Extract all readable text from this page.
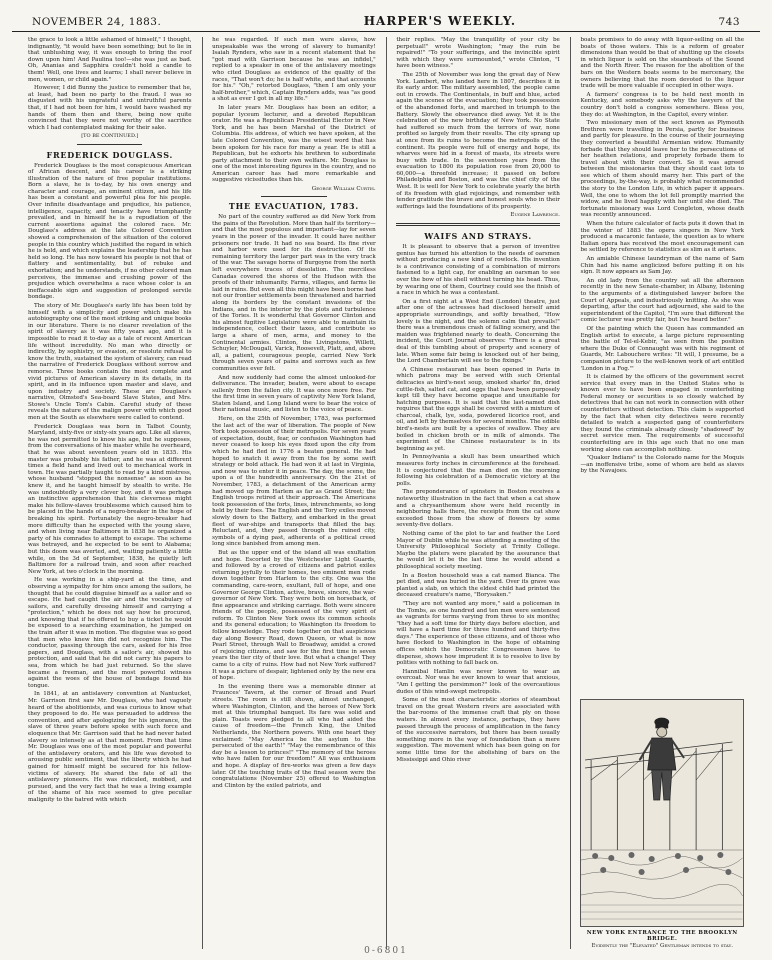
NOVEMBER 24, 1883.	HARPER'S WEEKLY.	743

the grace to look a little ashamed of himself," I thought, indignantly, "it would have been something; but to lie in that unblushing way, it was enough to bring the roof down upon him! And Paulina too!—she was just as bad. Oh, Ananias and Sapphira couldn't hold a candle to them! Well, one lives and learns; I shall never believe in men, women, or child again."

However, I did Bunny the justice to remember that he, at least, had been no party to the fraud. I was so disgusted with his ungrateful and untruthful parents that, if I had not been for him, I would have washed my hands of them then and there, being now quite convinced that they were not worthy of the sacrifice which I had contemplated making for their sake.

[TO BE CONTINUED.]
FREDERICK DOUGLASS.

Frederick Douglass is the most conspicuous American of African descent, and his career is a striking illustration of the nature of free popular institutions. Born a slave, he is to-day, by his own energy and character and courage, an eminent citizen, and his life has been a constant and powerful plea for his people. Over infinite disadvantage and prejudice, his patience, intelligence, capacity, and tenacity have triumphantly prevailed, and in himself he is a repudiation of the current assertions against the colored race. Mr. Douglass's address at the late Colored Convention showed a comprehension of the situation of the colored people in this country which justified the regard in which he is held, and which explains the leadership that he has held so long. He has now toward his people is not that of flattery and sentimentality, but of rebuke and exhortation; and he understands, if no other colored man perceives, the immense and crushing power of the prejudice which overwhelms a race whose color is an ineffaceable sign and suggestion of prolonged servile bondage.

The story of Mr. Douglass's early life has been told by himself with a simplicity and power which make his autobiography one of the most striking and unique books in our literature. There is no clearer revelation of the spirit of slavery as it was fifty years ago, and it is impossible to read it to-day as a tale of recent American life without incredulity. No man who directly or indirectly, by sophistry, or evasion, or resolute refusal to know the truth, sustained the system of slavery, can read the narrative of Frederick Douglass without sorrow and remorse. Three books contain the most complete and vivid pictures of American slavery in its details, in its spirit, and in its influence upon master and slave, and upon industry and society. These are Douglass's narrative, Olmsted's Sea-board Slave States, and Mrs. Stowe's Uncle Tom's Cabin. Careful study of these reveals the nature of the malign power with which good men at the South as elsewhere were called to contend.

Frederick Douglass was born in Talbot County, Maryland, sixty-five or sixty-six years ago. Like all slaves, he was not permitted to know his age, but he supposes, from the conversations of his master while he overheard, that he was about seventeen years old in 1835. His master was probably his father, and he was at different times a field hand and lived out to mechanical work in town. He was partially taught to read by a kind mistress, whose husband "stopped the nonsense" as soon as he knew it, and he taught himself by stealth to write. He was undoubtedly a very clever boy, and it was perhaps an instinctive apprehension that his cleverness might make his fellow-slaves troublesome which caused him to be placed in the hands of a negro-breaker in the hope of breaking his spirit. Fortunately the negro-breaker had more difficulty than he expected with the young slave, and when living near Baltimore in 1838 he organized a party of his comrades to attempt to escape. The scheme was betrayed, and he expected to be sent to Alabama; but this doom was averted, and, waiting patiently a little while, on the 3d of September, 1838, he quietly left Baltimore for a railroad train, and soon after reached New York, at two o'clock in the morning.

He was working in a ship-yard at the time, and observing a sympathy for him once among the sailors, he thought that he could disguise himself as a sailor and so escape. He had caught the air and the vocabulary of sailors, and carefully dressing himself and carrying a "protection," which he does not say how he procured, and knowing that if he offered to buy a ticket he would be exposed to a searching examination, he jumped on the train after it was in motion. The disguise was so good that men who knew him did not recognize him. The conductor, passing through the cars, asked for his free papers, and Douglass, with a sailor's air, showed his protection, and said that he did not carry his papers to sea, from which he had just returned. So the slave became a freeman, and the most powerful witness against the woes of the house of bondage found his tongue.

In 1841, at an antislavery convention at Nantucket, Mr. Garrison first saw Mr. Douglass, who had vaguely heard of the abolitionists, and was curious to know what they proposed to do. He was persuaded to address the convention, and after apologizing for his ignorance, the slave of three years before spoke with such force and eloquence that Mr. Garrison said that he had never hated slavery so intensely as at that moment. From that time Mr. Douglass was one of the most popular and powerful of the antislavery orators, and his life was devoted to arousing public sentiment, that the liberty which he had gained for himself might be secured for his fellow-victims of slavery. He shared the fate of all the antislavery pioneers. He was ridiculed, mobbed, and pursued, and the very fact that he was a living example of the shame of his race seemed to give peculiar malignity to the hatred with which

he was regarded. If such men were slaves, how unspeakable was the wrong of slavery to humanity! Isaiah Rynders, who saw in a recent statement that he "got mad with Garrison because he was an infidel," replied to a speaker in one of the antislavery meetings who cited Douglass as evidence of the quality of the races, "That won't do; he is half white, and that accounts for his." "Oh," retorted Douglass, "then I am only your half-brother," which, Captain Rynders adds, was "as good a shot as ever I got in all my life."

In later years Mr. Douglass has been an editor, a popular lyceum lecturer, and a devoted Republican orator. He was a Republican Presidential Elector in New York, and he has been Marshal of the District of Columbia. His address, of which we have spoken, at the late Colored Convention, was the wisest word that has been spoken for his race for many a year. He is still a Republican, but he exhorts his brethren to subordinate party attachment to their own welfare. Mr. Douglass is one of the most interesting figures in the country, and no American career has had more remarkable and suggestive vicissitudes than his.

George William Curtis.
THE EVACUATION, 1783.

No part of the country suffered as did New York from the pains of the Revolution. More than half its territory—and that the most populous and important—lay for seven years in the power of the invader. It could have neither prisoners nor trade. It had no sea board. Its fine river and harbor were used for its destruction. Of its remaining territory the larger part was in the very track of the war. The savage horns of Burgoyne from the north left everywhere traces of desolation. The merciless Canadas covered the shores of the Hudson with the proofs of their inhumanity. Farms, villages, and farms lie laid in ruins. But even all this might have been borne had not our frontier settlements been threatened and harried along its borders by the constant invasions of the Indians, and in the interior by the plots and turbulence of the Tories. It is wonderful that Governor Clinton and his almost fugitive Legislature were able to maintain its independence, collect their taxes, and contribute so large a share of men, arms, and money to the Continental armies. Clinton, the Livingstons, Willett, Schuyler, McDougall, Varick, Roosevelt, Platt, and, above all, a patient, courageous people, carried New York through seven years of pains and sorrows such as few communities ever felt.

And now suddenly had come the almost unlooked-for deliverance. The invader, beaten, were about to escape sullenly from the fallen city. It was once more free. For the first time in seven years of captivity New York Island, Staten Island, and Long Island were to bear the voice of their national music, and listen to the voice of peace.

Here, on the 25th of November, 1783, was performed the last act of the war of liberation. The people of New York took possession of their metropolis. For seven years of expectation, doubt, fear, or confusion Washington had never ceased to keep his eyes fixed upon the city from which he had fled in 1776 a beaten general. He had hoped to snatch it away from the foe by some swift strategy or bold attack. He had won it at last in Virginia, and now was to enter it in peace. The day, the scene, the upon a of the hundredth anniversary. On the 21st of November, 1783, a detachment of the American army had moved up from Harlem as far as Grand Street; the English troops retired at their approach. The Americans took possession of the forts, lines, intrenchments, so long held by their foes. The English and the Tory exiles moved slowly down to the Battery, and embarked in the great fleet of war-ships and transports that filled the bay. Reluctant, and, they passed through the ruined city, symbols of a dying past, adherents of a political creed long since banished from among men.

But as the upper end of the island all was exultation and hope. Escorted by the Westchester Light Guards, and followed by a crowd of citizens and patriot exiles returning joyfully to their homes, two eminent men rode down together from Harlem to the city. One was the commanding, care-worn, exultant, full of hope, and one Governor George Clinton, active, brave, sincere, the war-governor of New York. They were both on horseback, of fine appearance and striking carriage. Both were sincere friends of the people, possessed of the very spirit of reform. To Clinton New York owes its common schools and its general education; to Washington its freedom to follow knowledge. They rode together on that auspicious day along Bowery Road, down Queen, or what is now Pearl Street, through Wall to Broadway, amidst a crowd of rejoicing citizens, and saw for the first time in seven years the tier city of their love. But what a change! They came to a city of ruins. How had not New York suffered? It was a picture of despair, lightened only by the new era of hope.

In the evening there was a memorable dinner at Fraunces' Tavern, at the corner of Broad and Pearl streets. The room is still shown, almost unchanged, where Washington, Clinton, and the heroes of New York met at this triumphal banquet. Its fare was solid and plain. Toasts were pledged to all who had aided the cause of freedom—the French King, the United Netherlands, the Northern powers. With one heart they exclaimed: "May America be the asylum to the persecuted of the earth!" "May the remembrance of this day be a lesson to princes!" "The memory of the heroes who have fallen for our freedom!" All was enthusiasm and hope. A display of fire-works was given a few days later. Of the touching traits of the final season were the congratulations (November 25) offered to Washington and Clinton by the exiled patriots, and

their replies. "May the tranquillity of your city be perpetual!" wrote Washington; "may the ruin be repaired!" "To your sufferings, and the invincible spirit with which they were surmounted," wrote Clinton, "I have been witness."

The 25th of November was long the great day of New York. Lambert, who landed here in 1807, describes it in its early ardor. The military assembled, the people came out in crowds. The Continentals, in buff and blue, acted again the scenes of the evacuation; they took possession of the abandoned forts, and marched in triumph to the Battery. Slowly the observance died away. Yet it is the celebration of the new birthday of New York. No State had suffered so much from the terrors of war, none profited so largely from their results. The city sprang up at once from its ruins to become the metropolis of the continent. Its people were full of energy and hope, its wharves were hid in a forest of masts, its streets were busy with trade. In the seventeen years from the evacuation to 1800 its population rose from 20,000 to 60,000—a threefold increase; it passed on before Philadelphia and Boston, and was the chief city of the West. It is well for New York to celebrate yearly the birth of its freedom with glad rejoicings, and remember with tender gratitude the brave and honest souls who in their sufferings laid the foundations of its prosperity.

Eugene Lawrence.
WAIFS AND STRAYS.

It is pleasant to observe that a person of inventive genius has turned his attention to the needs of oarsmen without producing a new kind of rowlock. His invention is a contrivance consisting of a combination of mirrors fastened to a light cap, for enabling an oarsman to see over the bow of his shell without turning his head. Thus, by wearing one of them, Courtney could see the finish of a race in which he was a contestant.

On a first night at a West End (London) theatre, just after one of the actresses had disclosed herself amid appropriate surroundings, and softly breathed, "How lovely is the night, and the solemn calm that prevails!" there was a tremendous crash of falling scenery, and the maiden was frightened nearly to death. Concerning the incident, the Court Journal observes: "There is a great deal of this tumbling about of property and scenery of late. When some fair being is knocked out of her being, the Lord Chamberlain will see to the fixings."

A Chinese restaurant has been opened in Paris in which patrons may be served with such Oriental delicacies as bird's-nest soup, smoked sharks' fin, dried cuttle-fish, salted cat, and eggs that have been purposely kept till they have become opaque and unsuitable for hatching purposes. It is said that the last-named dish requires that the eggs shall be covered with a mixture of charcoal, chalk, lye, soda, powdered licorice root, and oil, and left by themselves for several months. The edible bird's-nests are built by a species of swallow. They are boiled in chicken broth or in milk of almonds. The experiment of the Chinese restaurateur is in its beginning as yet.

In Pennsylvania a skull has been unearthed which measures forty inches in circumference at the forehead. It is conjectured that the man died on the morning following his celebration of a Democratic victory at the polls.

The preponderance of spinsters in Boston receives a noteworthy illustration in the fact that when a cat show and a chrysanthemum show were held recently in neighboring halls there, the receipts from the cat show exceeded those from the show of flowers by some seventy-five dollars.

Nothing came of the plot to tar and feather the Lord Mayor of Dublin while he was attending a meeting of the University Philosophical Society at Trinity College. Maybe the platers were placated by the assurance that he would let it be the last time he would attend a philosophical society meeting.

In a Boston household was a cat named Bianca. The pet died, and was buried in the yard. Over its grave was planted a slab, on which the eldest child had printed the deceased creature's name, "Borysaken."

"They are not wanted any more," said a policeman in the Tombs, as one hundred and ten men were sentenced as vagrants for terms varying from three to six months; "they had a soft time for thirty days before election, and will have a hard time for three hundred and thirty-five days." The experience of these citizens, and of those who have flocked to Washington in the hope of obtaining offices which the Democratic Congressmen have to dispense, shows how imprudent it is to resolve to live by polities with nothing to fall back on.

Hannibal Hamlin was never known to wear an overcoat. Nor was he ever known to wear that anxious, "Am I getting the persimmon?" look of the overcautious dudes of this wind-swept metropolis.

Some of the most characteristic stories of steamboat travel on the great Western rivers are associated with the bar-rooms of the immense craft that ply on those waters. In almost every instance, perhaps, they have passed through the process of amplification in the fancy of the successive narrators, but there has been usually something more in the way of foundation than a mere suggestion. The movement which has been going on for some little time for the abolishing of bars on the Mississippi and Ohio river

boats promises to do away with liquor-selling on all the boats of those waters. This is a reform of greater dimensions than would be that of shutting up the closets in which liquor is sold on the steamboats of the Sound and the North River. The reason for the abolition of the bars on the Western boats seems to be mercenary, the owners believing that the room devoted to the liquor trade will be more valuable if occupied in other ways.

A farmers' congress is to be held next month in Kentucky, and somebody asks why the lawyers of the country don't hold a congress somewhere. Bless you, they do: at Washington, in the Capitol, every winter.

Two missionary men of the sect known as Plymouth Brethren were travelling in Persia, partly for business and partly for pleasure. In the course of their journeying they converted a beautiful Armenian widow. Humanity forbade that they should leave her to the persecutions of her heathen relations, and propriety forbade them to travel about with their convert. So it was agreed between the missionaries that they should cast lots to see which of them should marry her. This part of the proceedings, by-the-way, is probably what recommended the story to the London Life, in which paper it appears. Well, the one to whom the lot fell promptly married the widow, and he lived happily with her until she died. The fortunate missionary was Lord Congleton, whose death was recently announced.

When the future calculator of facts puts it down that in the winter of 1883 the opera singers in New York produced a macaronic fantasie, the question as to where Italian opera has received the most encouragement can be settled by reference to statistics as slim as it arises.

An amiable Chinese laundryman of the name of Sam Chin had his name anglicized before putting it on his sign. It now appears as Sam Jay.

An old lady from the country sat all the afternoon recently in the new Senate-chamber, in Albany, listening to the arguments of a distinguished lawyer before the Court of Appeals, and industriously knitting. As she was departing, after the court had adjourned, she said to the superintendent of the Capitol, "I'm sure that different the comic lecturer was pretty fair, but I've heard better."

Of the painting which the Queen has commanded an English artist to execute, a large picture representing the battle of Tel-el-Kebir, "as seen from the position where the Duke of Connaught was with his regiment of Guards, Mr. Labouchere writes: "It will, I presume, be a companion picture to the well-known work of art entitled 'London in a Fog.'"

It is claimed by the officers of the government secret service that every man in the United States who is known ever to have been engaged in counterfeiting Federal money or securities is so closely watched by detectives that he can not work in connection with other counterfeiters without detection. This claim is supported by the fact that when city detectives were recently detailed to watch a suspected gang of counterfeiters they found the criminals already closely "shadowed" by secret service men. The requirements of successful counterfeiting are in this age such that no one man working alone can accomplish nothing.

"Quaker Indians" is the Colorado name for the Moquis—an inoffensive tribe, some of whom are held as slaves by the Navajoes.

NEW YORK ENTRANCE TO THE BROOKLYN BRIDGE.
Evidently the "Elevated" Gentleman intends to stay.
0-6801
